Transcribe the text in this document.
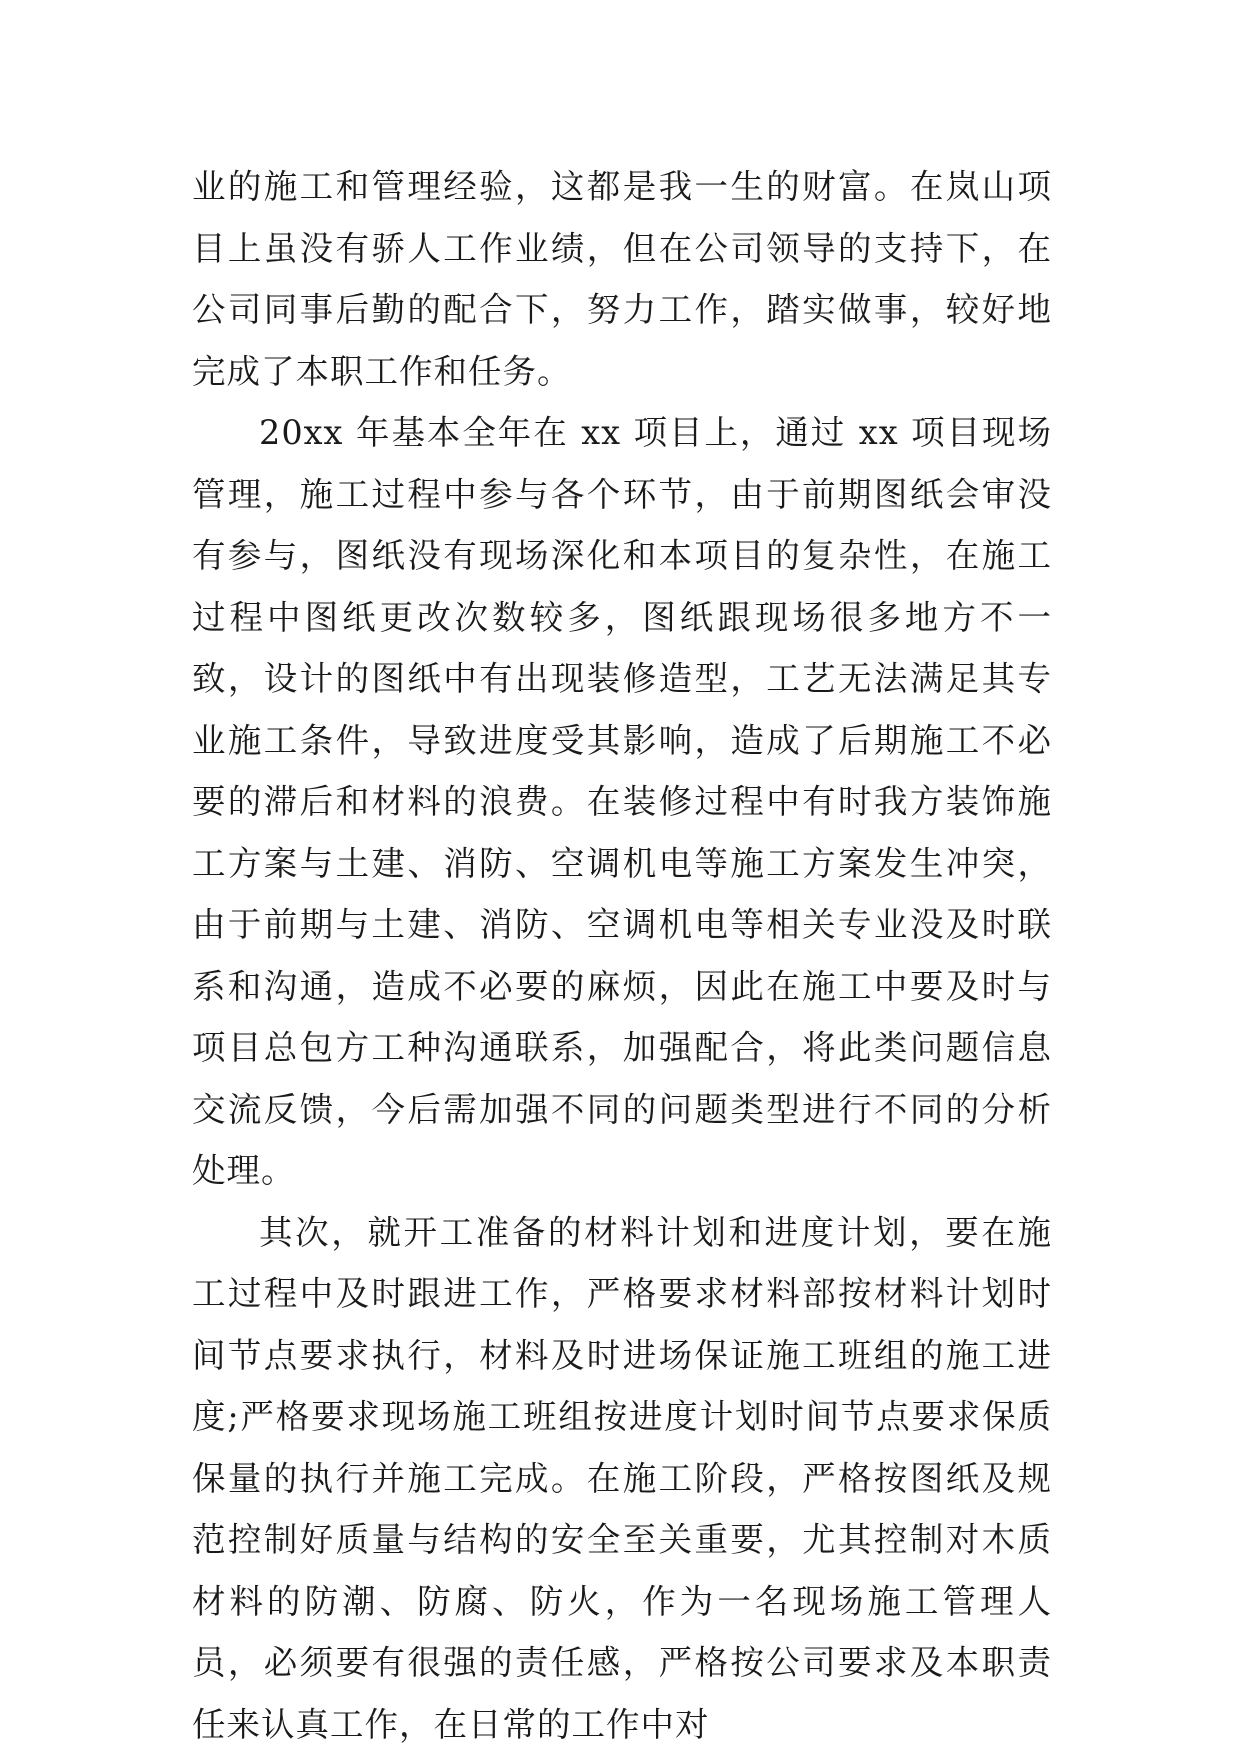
业的施工和管理经验，这都是我一生的财富。在岚山项目上虽没有骄人工作业绩，但在公司领导的支持下，在公司同事后勤的配合下，努力工作，踏实做事，较好地完成了本职工作和任务。

20xx 年基本全年在 xx 项目上，通过 xx 项目现场管理，施工过程中参与各个环节，由于前期图纸会审没有参与，图纸没有现场深化和本项目的复杂性，在施工过程中图纸更改次数较多，图纸跟现场很多地方不一致，设计的图纸中有出现装修造型，工艺无法满足其专业施工条件，导致进度受其影响，造成了后期施工不必要的滞后和材料的浪费。在装修过程中有时我方装饰施工方案与土建、消防、空调机电等施工方案发生冲突，由于前期与土建、消防、空调机电等相关专业没及时联系和沟通，造成不必要的麻烦，因此在施工中要及时与项目总包方工种沟通联系，加强配合，将此类问题信息交流反馈，今后需加强不同的问题类型进行不同的分析处理。

其次，就开工准备的材料计划和进度计划，要在施工过程中及时跟进工作，严格要求材料部按材料计划时间节点要求执行，材料及时进场保证施工班组的施工进度;严格要求现场施工班组按进度计划时间节点要求保质保量的执行并施工完成。在施工阶段，严格按图纸及规范控制好质量与结构的安全至关重要，尤其控制对木质材料的防潮、防腐、防火，作为一名现场施工管理人员，必须要有很强的责任感，严格按公司要求及本职责任来认真工作，在日常的工作中对
